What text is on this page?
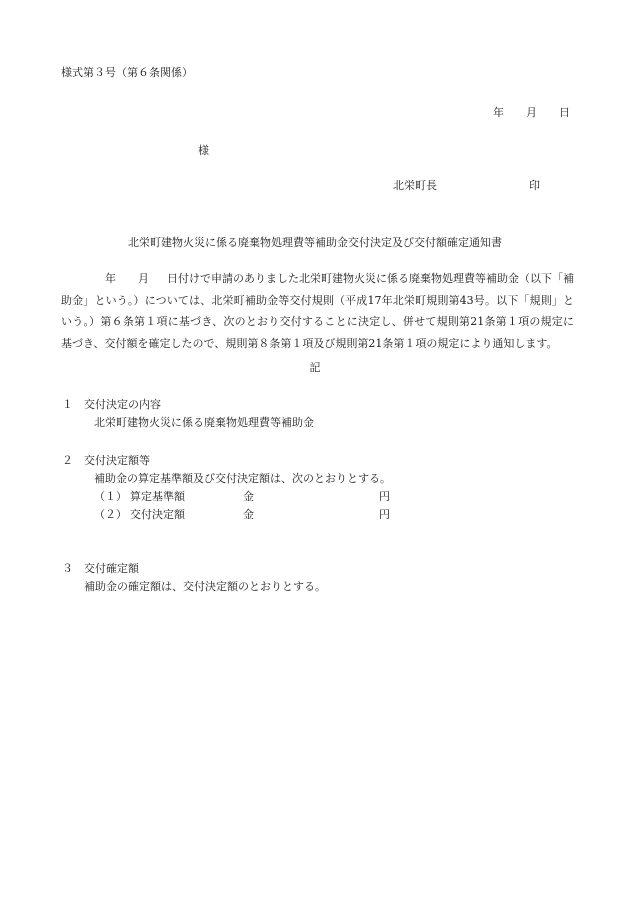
様式第３号（第６条関係）
年 月 日
様
北栄町長	印
北栄町建物火災に係る廃棄物処理費等補助金交付決定及び交付額確定通知書
年 月 日付けで申請のありました北栄町建物火災に係る廃棄物処理費等補助金（以下「補助金」という。）については、北栄町補助金等交付規則（平成17年北栄町規則第43号。以下「規則」という。）第６条第１項に基づき、次のとおり交付することに決定し、併せて規則第21条第１項の規定に基づき、交付額を確定したので、規則第８条第１項及び規則第21条第１項の規定により通知します。
記
１ 交付決定の内容
北栄町建物火災に係る廃棄物処理費等補助金
２ 交付決定額等
補助金の算定基準額及び交付決定額は、次のとおりとする。
（１） 算定基準額	金	円
（２） 交付決定額	金	円
３ 交付確定額
補助金の確定額は、交付決定額のとおりとする。
